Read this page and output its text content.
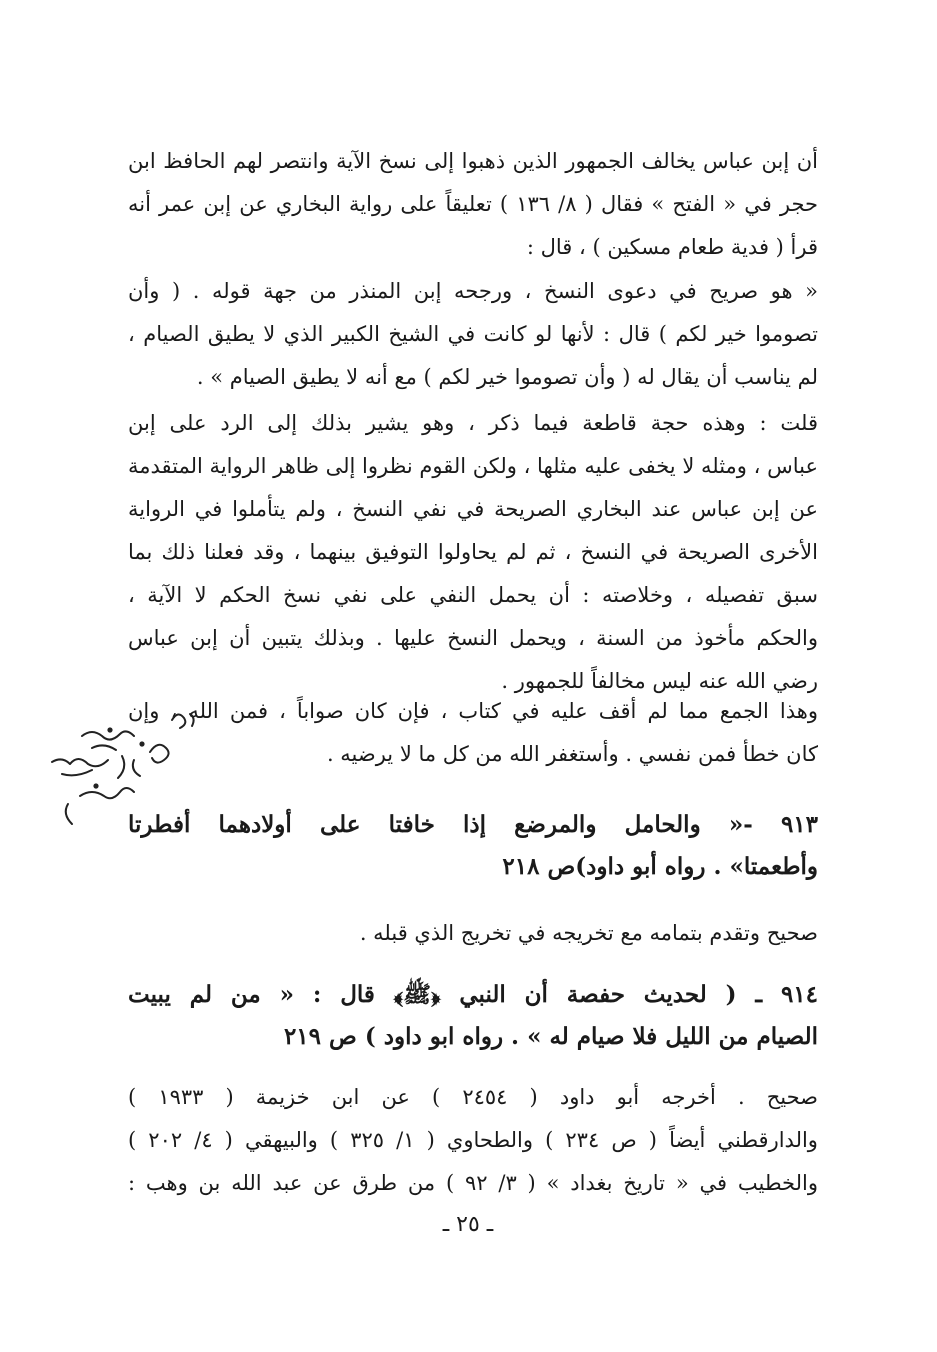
أن إبن عباس يخالف الجمهور الذين ذهبوا إلى نسخ الآية وانتصر لهم الحافظ ابن
حجر في « الفتح » فقال ( ٨/ ١٣٦ ) تعليقاً على رواية البخاري عن إبن عمر أنه
قرأ ( فدية طعام مسكين ) ، قال :
« هو صريح في دعوى النسخ ، ورجحه إبن المنذر من جهة قوله . ( وأن
تصوموا خير لكم ) قال : لأنها لو كانت في الشيخ الكبير الذي لا يطيق الصيام ،
لم يناسب أن يقال له ( وأن تصوموا خير لكم ) مع أنه لا يطيق الصيام » .
قلت : وهذه حجة قاطعة فيما ذكر ، وهو يشير بذلك إلى الرد على إبن
عباس ، ومثله لا يخفى عليه مثلها ، ولكن القوم نظروا إلى ظاهر الرواية المتقدمة
عن إبن عباس عند البخاري الصريحة في نفي النسخ ، ولم يتأملوا في الرواية
الأخرى الصريحة في النسخ ، ثم لم يحاولوا التوفيق بينهما ، وقد فعلنا ذلك بما
سبق تفصيله ، وخلاصته : أن يحمل النفي على نفي نسخ الحكم لا الآية ،
والحكم مأخوذ من السنة ، ويحمل النسخ عليها . وبذلك يتبين أن إبن عباس
رضي الله عنه ليس مخالفاً للجمهور .
وهذا الجمع مما لم أقف عليه في كتاب ، فإن كان صواباً ، فمن الله ، وإن
كان خطأ فمن نفسي . وأستغفر الله من كل ما لا يرضيه .
٩١٣ -« والحامل والمرضع إذا خافتا على أولادهما أفطرتا
وأطعمتا» . رواه أبو داود)ص ٢١٨
صحيح وتقدم بتمامه مع تخريجه في تخريج الذي قبله .
٩١٤ ـ ( لحديث حفصة أن النبي ﴿ﷺ﴾ قال : « من لم يبيت
الصيام من الليل فلا صيام له » . رواه ابو داود ) ص ٢١٩
صحيح . أخرجه أبو داود ( ٢٤٥٤ ) عن ابن خزيمة ( ١٩٣٣ )
والدارقطني أيضاً ( ص ٢٣٤ ) والطحاوي ( ١/ ٣٢٥ ) والبيهقي ( ٤/ ٢٠٢ )
والخطيب في « تاريخ بغداد » ( ٣/ ٩٢ ) من طرق عن عبد الله بن وهب :
ـ ٢٥ ـ
